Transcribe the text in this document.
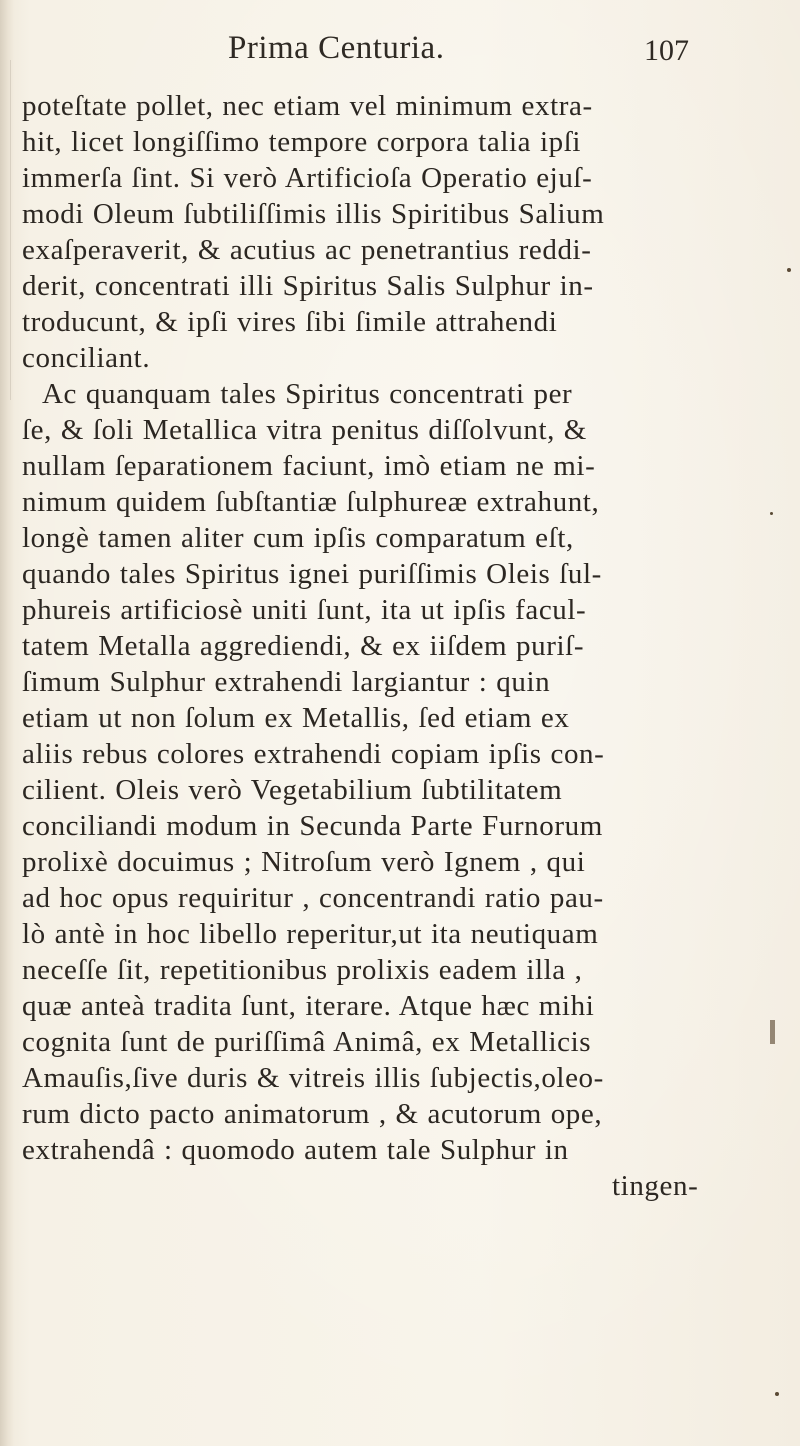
Prima Centuria.	107
poteſtate pollet, nec etiam vel minimum extra-
hit, licet longiſſimo tempore corpora talia ipſi
immerſa ſint. Si verò Artificioſa Operatio ejuſ-
modi Oleum ſubtiliſſimis illis Spiritibus Salium
exaſperaverit, & acutius ac penetrantius reddi-
derit, concentrati illi Spiritus Salis Sulphur in-
troducunt, & ipſi vires ſibi ſimile attrahendi
conciliant.
Ac quanquam tales Spiritus concentrati per
ſe, & ſoli Metallica vitra penitus diſſolvunt, &
nullam ſeparationem faciunt, imò etiam ne mi-
nimum quidem ſubſtantiæ ſulphureæ extrahunt,
longè tamen aliter cum ipſis comparatum eſt,
quando tales Spiritus ignei puriſſimis Oleis ſul-
phureis artificiosè uniti ſunt, ita ut ipſis facul-
tatem Metalla aggrediendi, & ex iiſdem puriſ-
ſimum Sulphur extrahendi largiantur : quin
etiam ut non ſolum ex Metallis, ſed etiam ex
aliis rebus colores extrahendi copiam ipſis con-
cilient. Oleis verò Vegetabilium ſubtilitatem
conciliandi modum in Secunda Parte Furnorum
prolixè docuimus ; Nitroſum verò Ignem , qui
ad hoc opus requiritur , concentrandi ratio pau-
lò antè in hoc libello reperitur,ut ita neutiquam
neceſſe ſit, repetitionibus prolixis eadem illa ,
quæ anteà tradita ſunt, iterare. Atque hæc mihi
cognita ſunt de puriſſimâ Animâ, ex Metallicis
Amauſis,ſive duris & vitreis illis ſubjectis,oleo-
rum dicto pacto animatorum , & acutorum ope,
extrahendâ : quomodo autem tale Sulphur in
tingen-
